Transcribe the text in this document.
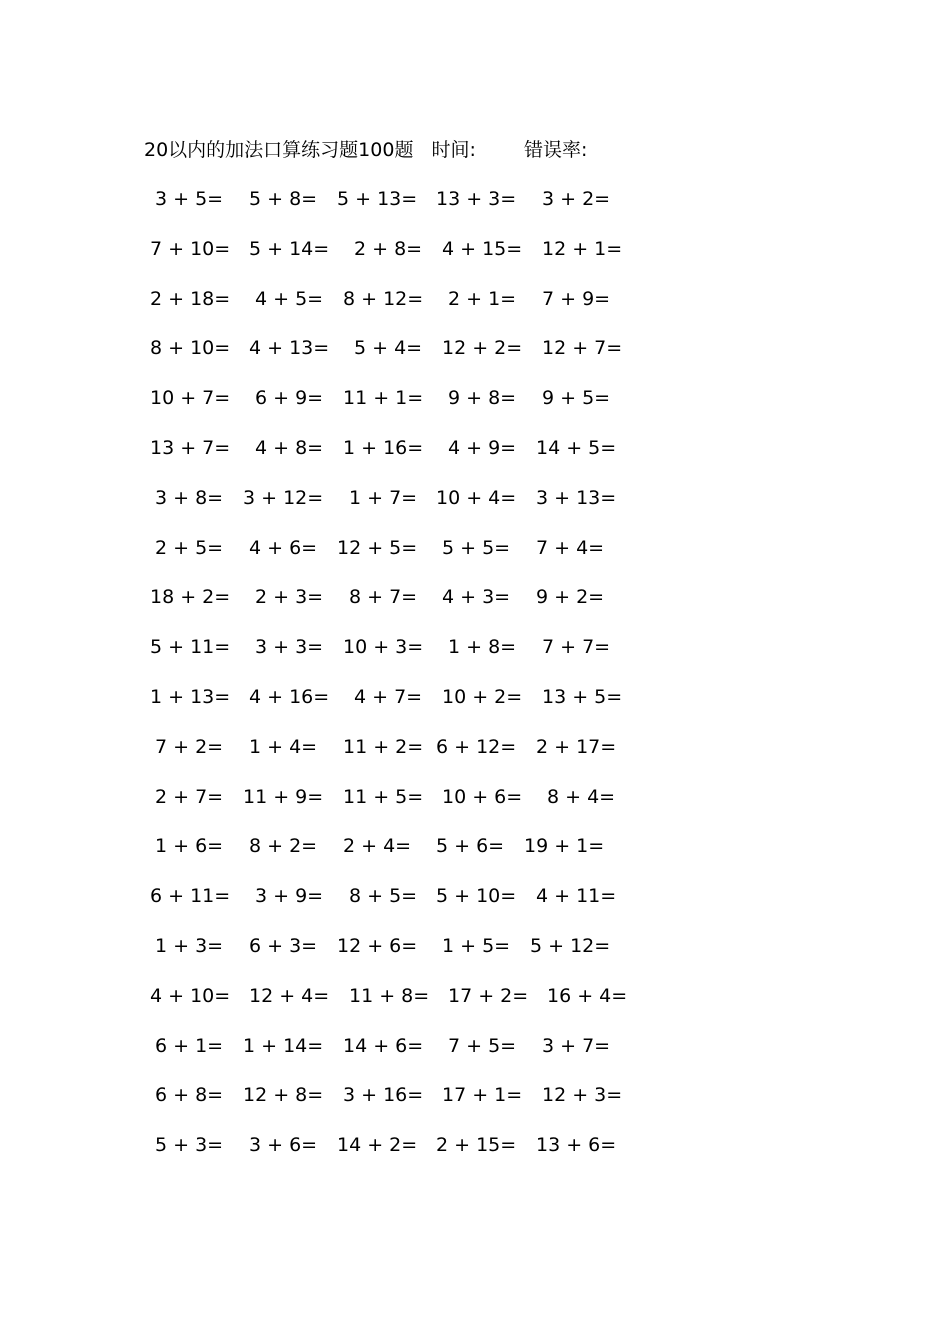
20以内的加法口算练习题100题 时间:	错误率:
3 + 5= 5 + 8= 5 + 13= 13 + 3= 3 + 2=
7 + 10= 5 + 14= 2 + 8= 4 + 15= 12 + 1=
2 + 18= 4 + 5= 8 + 12= 2 + 1= 7 + 9=
8 + 10= 4 + 13= 5 + 4= 12 + 2= 12 + 7=
10 + 7= 6 + 9= 11 + 1= 9 + 8= 9 + 5=
13 + 7= 4 + 8= 1 + 16= 4 + 9= 14 + 5=
3 + 8= 3 + 12= 1 + 7= 10 + 4= 3 + 13=
2 + 5= 4 + 6= 12 + 5= 5 + 5= 7 + 4=
18 + 2= 2 + 3= 8 + 7= 4 + 3= 9 + 2=
5 + 11= 3 + 3= 10 + 3= 1 + 8= 7 + 7=
1 + 13= 4 + 16= 4 + 7= 10 + 2= 13 + 5=
7 + 2= 1 + 4= 11 + 2= 6 + 12= 2 + 17=
2 + 7= 11 + 9= 11 + 5= 10 + 6= 8 + 4=
1 + 6= 8 + 2= 2 + 4= 5 + 6= 19 + 1=
6 + 11= 3 + 9= 8 + 5= 5 + 10= 4 + 11=
1 + 3= 6 + 3= 12 + 6= 1 + 5= 5 + 12=
4 + 10= 12 + 4= 11 + 8= 17 + 2= 16 + 4=
6 + 1= 1 + 14= 14 + 6= 7 + 5= 3 + 7=
6 + 8= 12 + 8= 3 + 16= 17 + 1= 12 + 3=
5 + 3= 3 + 6= 14 + 2= 2 + 15= 13 + 6=
